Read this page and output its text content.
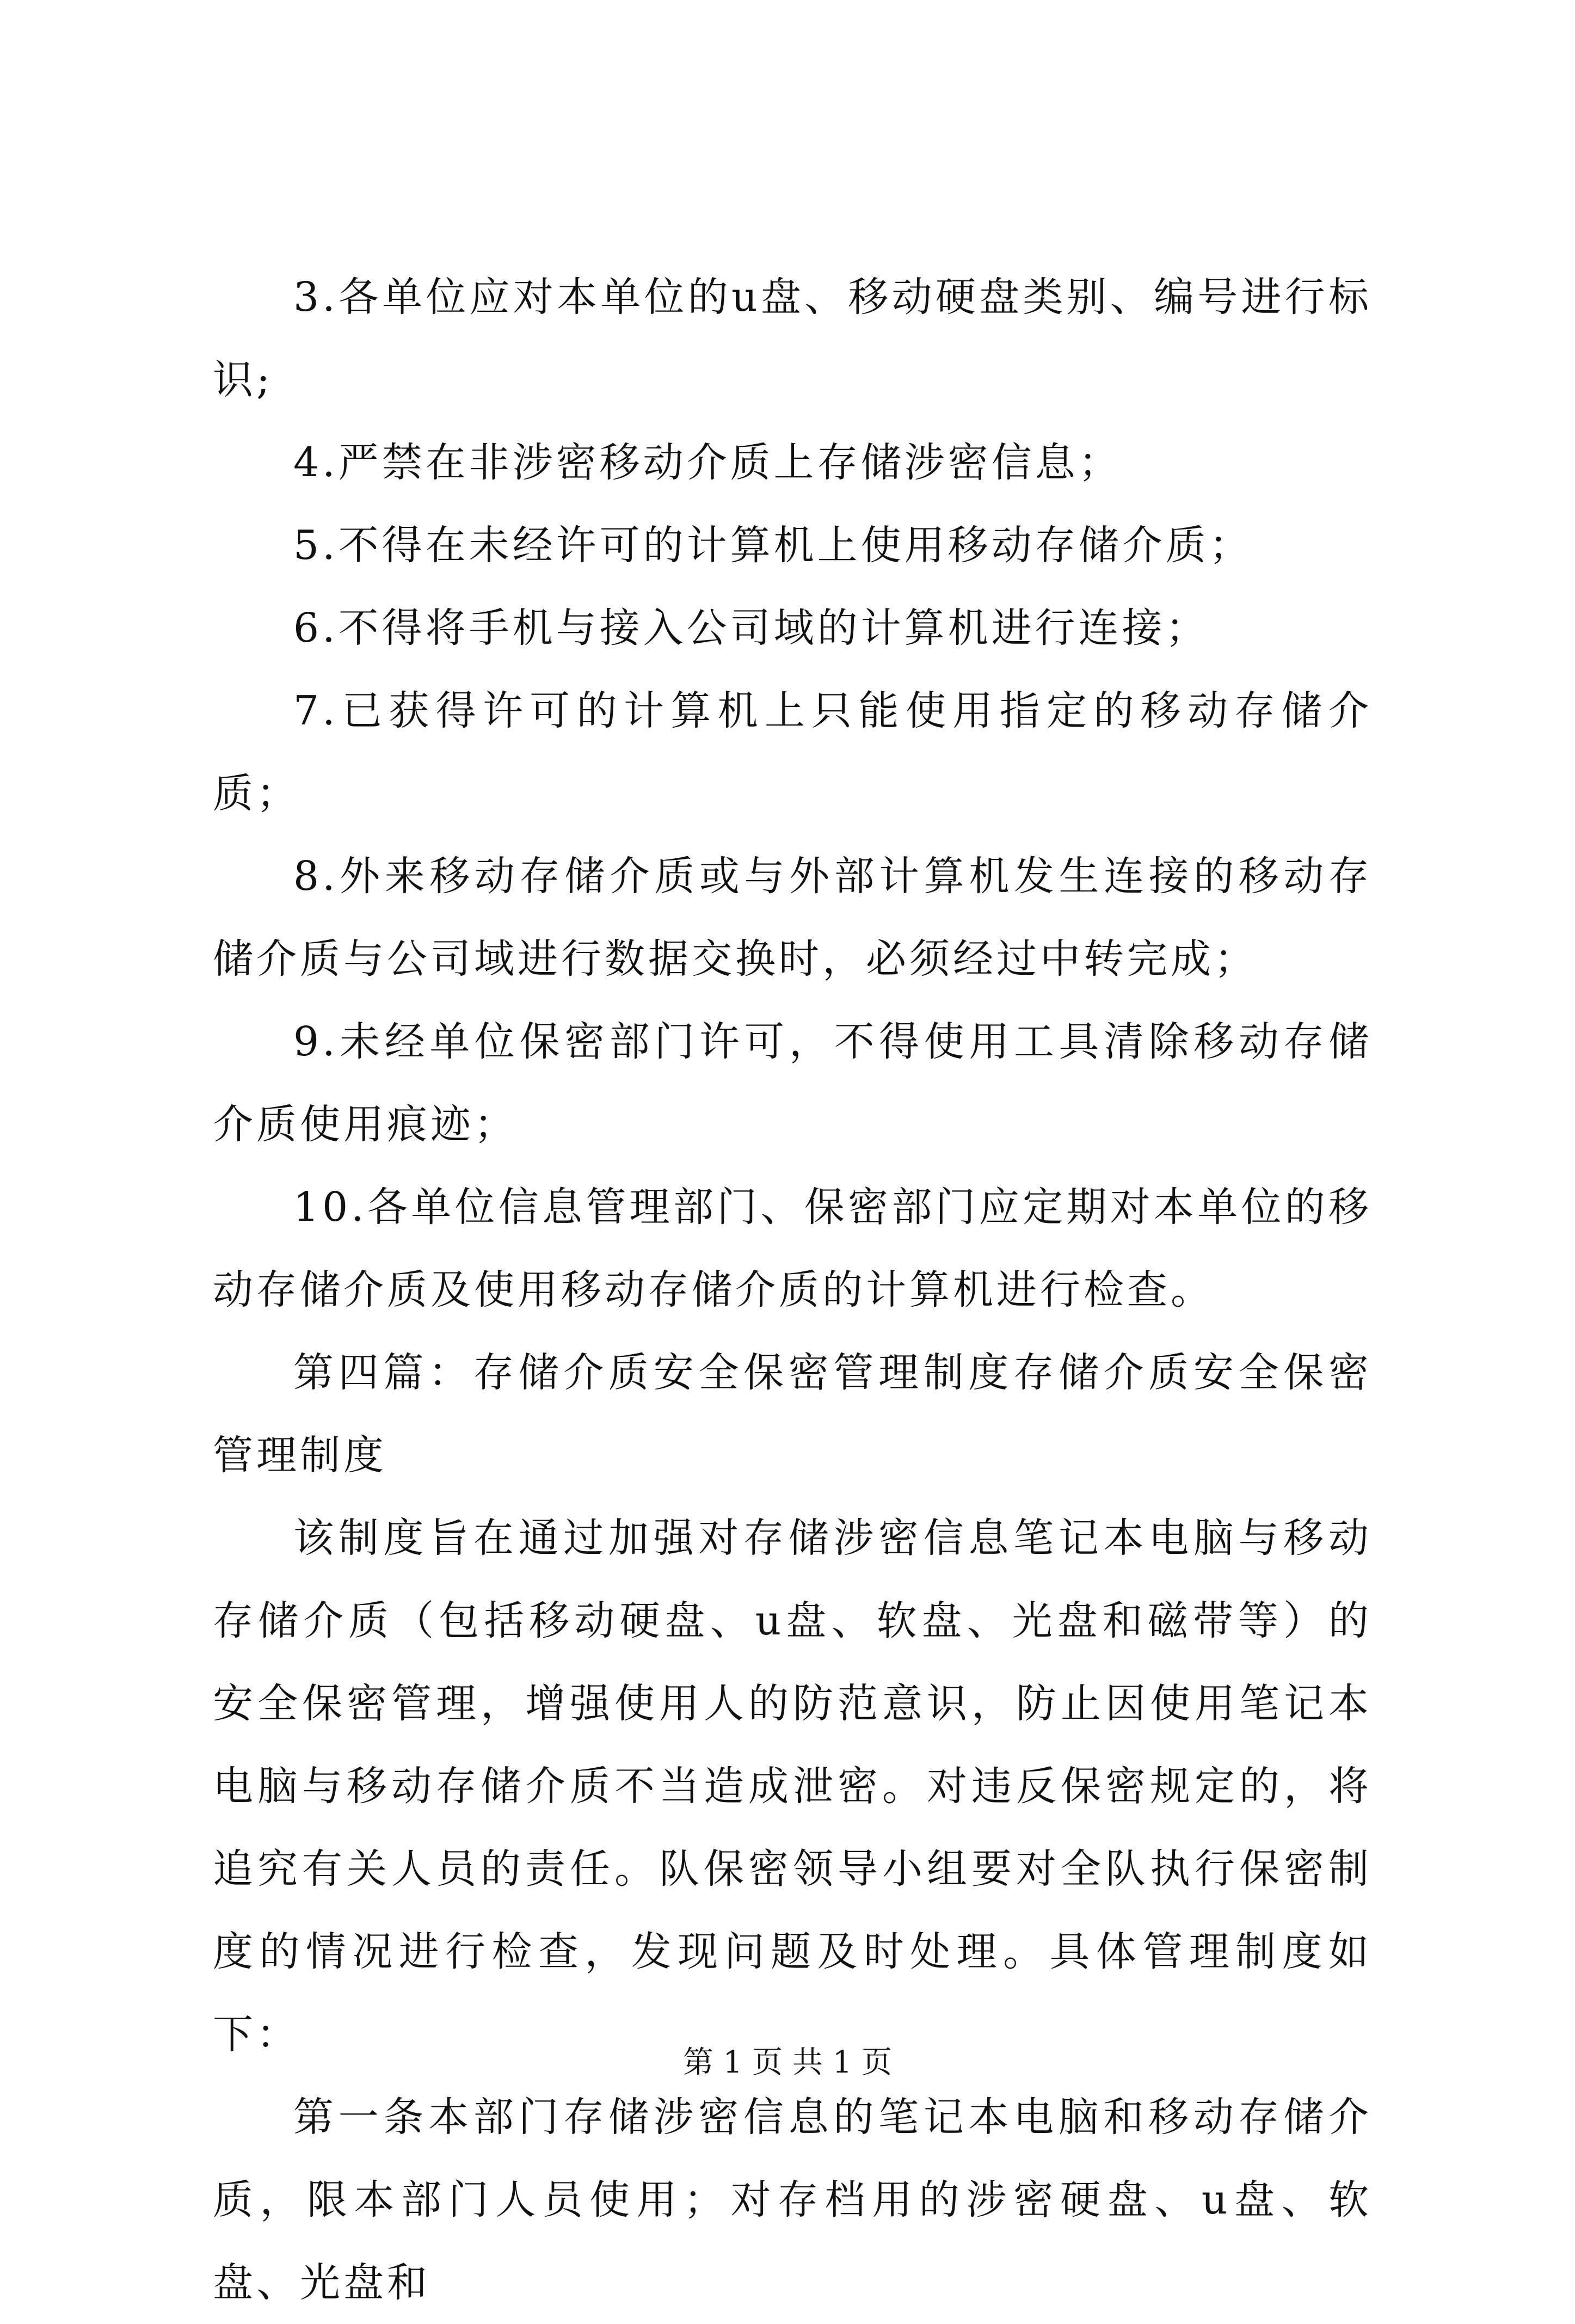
3.各单位应对本单位的u盘、移动硬盘类别、编号进行标识;

4.严禁在非涉密移动介质上存储涉密信息；

5.不得在未经许可的计算机上使用移动存储介质；

6.不得将手机与接入公司域的计算机进行连接；

7.已获得许可的计算机上只能使用指定的移动存储介质；

8.外来移动存储介质或与外部计算机发生连接的移动存储介质与公司域进行数据交换时，必须经过中转完成；

9.未经单位保密部门许可，不得使用工具清除移动存储介质使用痕迹；

10.各单位信息管理部门、保密部门应定期对本单位的移动存储介质及使用移动存储介质的计算机进行检查。

第四篇：存储介质安全保密管理制度存储介质安全保密管理制度

该制度旨在通过加强对存储涉密信息笔记本电脑与移动存储介质（包括移动硬盘、u盘、软盘、光盘和磁带等）的安全保密管理，增强使用人的防范意识，防止因使用笔记本电脑与移动存储介质不当造成泄密。对违反保密规定的，将追究有关人员的责任。队保密领导小组要对全队执行保密制度的情况进行检查，发现问题及时处理。具体管理制度如下：

第一条本部门存储涉密信息的笔记本电脑和移动存储介质，限本部门人员使用；对存档用的涉密硬盘、u盘、软盘、光盘和

第 1 页 共 1 页
